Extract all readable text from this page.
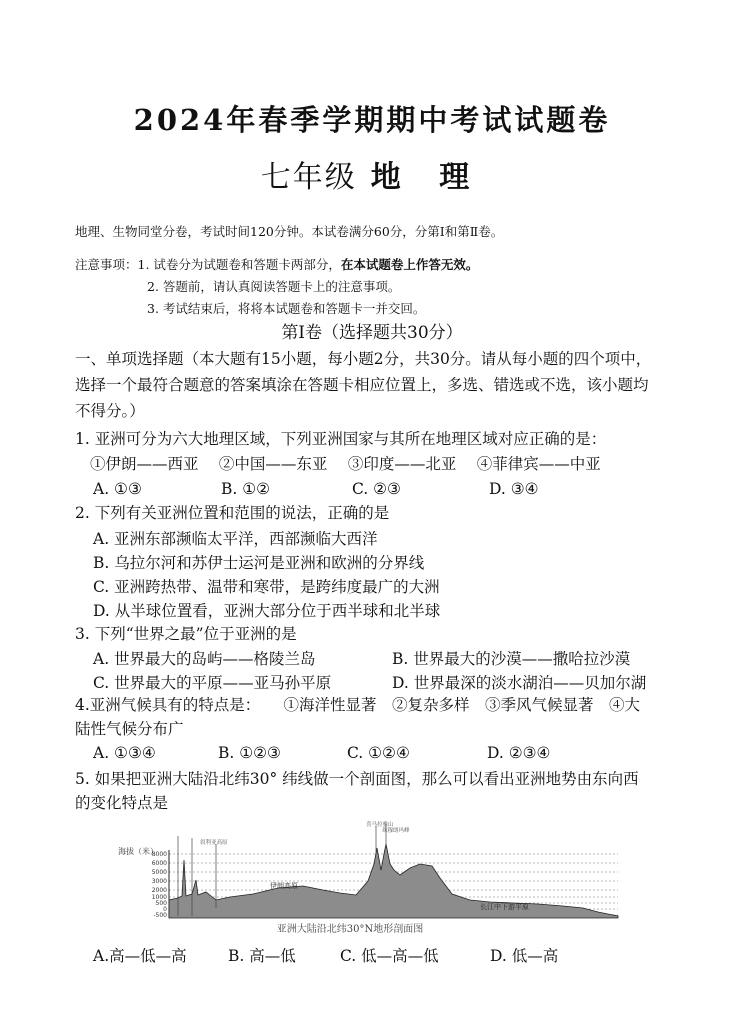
2024年春季学期期中考试试题卷
七年级 地 理
地理、生物同堂分卷，考试时间120分钟。本试卷满分60分，分第Ⅰ和第Ⅱ卷。
注意事项：1. 试卷分为试题卷和答题卡两部分，在本试题卷上作答无效。
2. 答题前，请认真阅读答题卡上的注意事项。
3. 考试结束后，将将本试题卷和答题卡一并交回。
第Ⅰ卷（选择题共30分）
一、单项选择题（本大题有15小题，每小题2分，共30分。请从每小题的四个项中，
选择一个最符合题意的答案填涂在答题卡相应位置上，多选、错选或不选，该小题均
不得分。）
1. 亚洲可分为六大地理区域，下列亚洲国家与其所在地理区域对应正确的是：
①伊朗——西亚　 ②中国——东亚　 ③印度——北亚　 ④菲律宾——中亚
A. ①③	B. ①②	C. ②③	D. ③④
2. 下列有关亚洲位置和范围的说法，正确的是
A. 亚洲东部濒临太平洋，西部濒临大西洋
B. 乌拉尔河和苏伊士运河是亚洲和欧洲的分界线
C. 亚洲跨热带、温带和寒带，是跨纬度最广的大洲
D. 从半球位置看，亚洲大部分位于西半球和北半球
3. 下列“世界之最”位于亚洲的是
A. 世界最大的岛屿——格陵兰岛	B. 世界最大的沙漠——撒哈拉沙漠
C. 世界最大的平原——亚马孙平原	D. 世界最深的淡水湖泊——贝加尔湖
4.亚洲气候具有的特点是：　　①海洋性显著　②复杂多样　③季风气候显著　④大
陆性气候分布广
A. ①③④	B. ①②③	C. ①②④	D. ②③④
5. 如果把亚洲大陆沿北纬30° 纬线做一个剖面图，那么可以看出亚洲地势由东向西
的变化特点是
海拔（米）
8000
6000
5000
3000
2000
1000
500
0
-500
叙利亚高原
喜马拉雅山
珠穆朗玛峰
伊朗高原
长江中下游平原
亚洲大陆沿北纬30°N地形剖面图
A.高—低—高	B. 高—低	C. 低—高—低	D. 低—高
